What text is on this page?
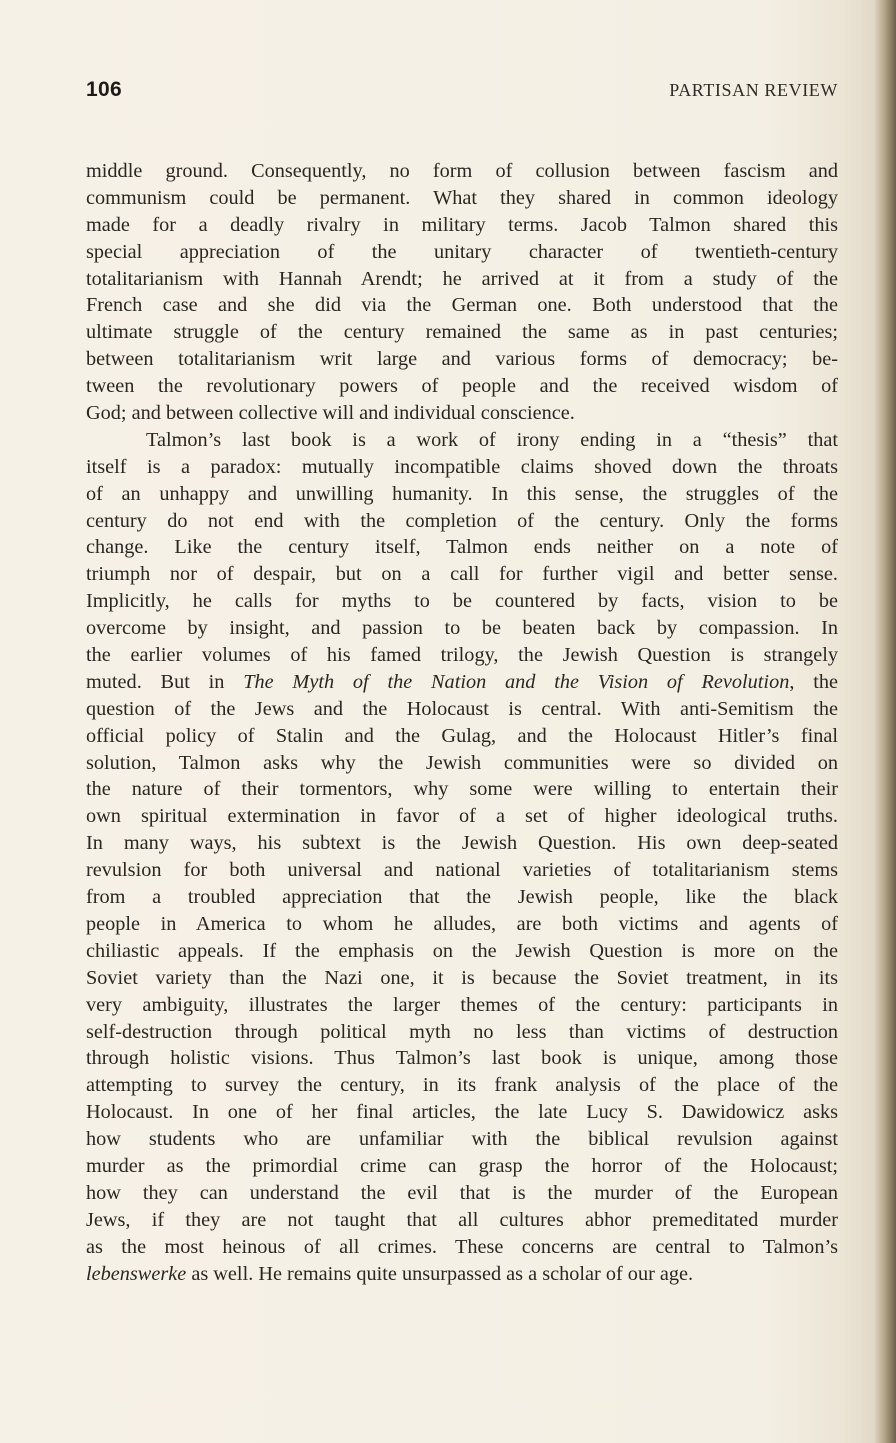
106	PARTISAN REVIEW
middle ground. Consequently, no form of collusion between fascism and
communism could be permanent. What they shared in common ideology
made for a deadly rivalry in military terms. Jacob Talmon shared this
special appreciation of the unitary character of twentieth-century
totalitarianism with Hannah Arendt; he arrived at it from a study of the
French case and she did via the German one. Both understood that the
ultimate struggle of the century remained the same as in past centuries;
between totalitarianism writ large and various forms of democracy; be-
tween the revolutionary powers of people and the received wisdom of
God; and between collective will and individual conscience.
Talmon’s last book is a work of irony ending in a “thesis” that
itself is a paradox: mutually incompatible claims shoved down the throats
of an unhappy and unwilling humanity. In this sense, the struggles of the
century do not end with the completion of the century. Only the forms
change. Like the century itself, Talmon ends neither on a note of
triumph nor of despair, but on a call for further vigil and better sense.
Implicitly, he calls for myths to be countered by facts, vision to be
overcome by insight, and passion to be beaten back by compassion. In
the earlier volumes of his famed trilogy, the Jewish Question is strangely
muted. But in The Myth of the Nation and the Vision of Revolution, the
question of the Jews and the Holocaust is central. With anti-Semitism the
official policy of Stalin and the Gulag, and the Holocaust Hitler’s final
solution, Talmon asks why the Jewish communities were so divided on
the nature of their tormentors, why some were willing to entertain their
own spiritual extermination in favor of a set of higher ideological truths.
In many ways, his subtext is the Jewish Question. His own deep-seated
revulsion for both universal and national varieties of totalitarianism stems
from a troubled appreciation that the Jewish people, like the black
people in America to whom he alludes, are both victims and agents of
chiliastic appeals. If the emphasis on the Jewish Question is more on the
Soviet variety than the Nazi one, it is because the Soviet treatment, in its
very ambiguity, illustrates the larger themes of the century: participants in
self-destruction through political myth no less than victims of destruction
through holistic visions. Thus Talmon’s last book is unique, among those
attempting to survey the century, in its frank analysis of the place of the
Holocaust. In one of her final articles, the late Lucy S. Dawidowicz asks
how students who are unfamiliar with the biblical revulsion against
murder as the primordial crime can grasp the horror of the Holocaust;
how they can understand the evil that is the murder of the European
Jews, if they are not taught that all cultures abhor premeditated murder
as the most heinous of all crimes. These concerns are central to Talmon’s
lebenswerke as well. He remains quite unsurpassed as a scholar of our age.
